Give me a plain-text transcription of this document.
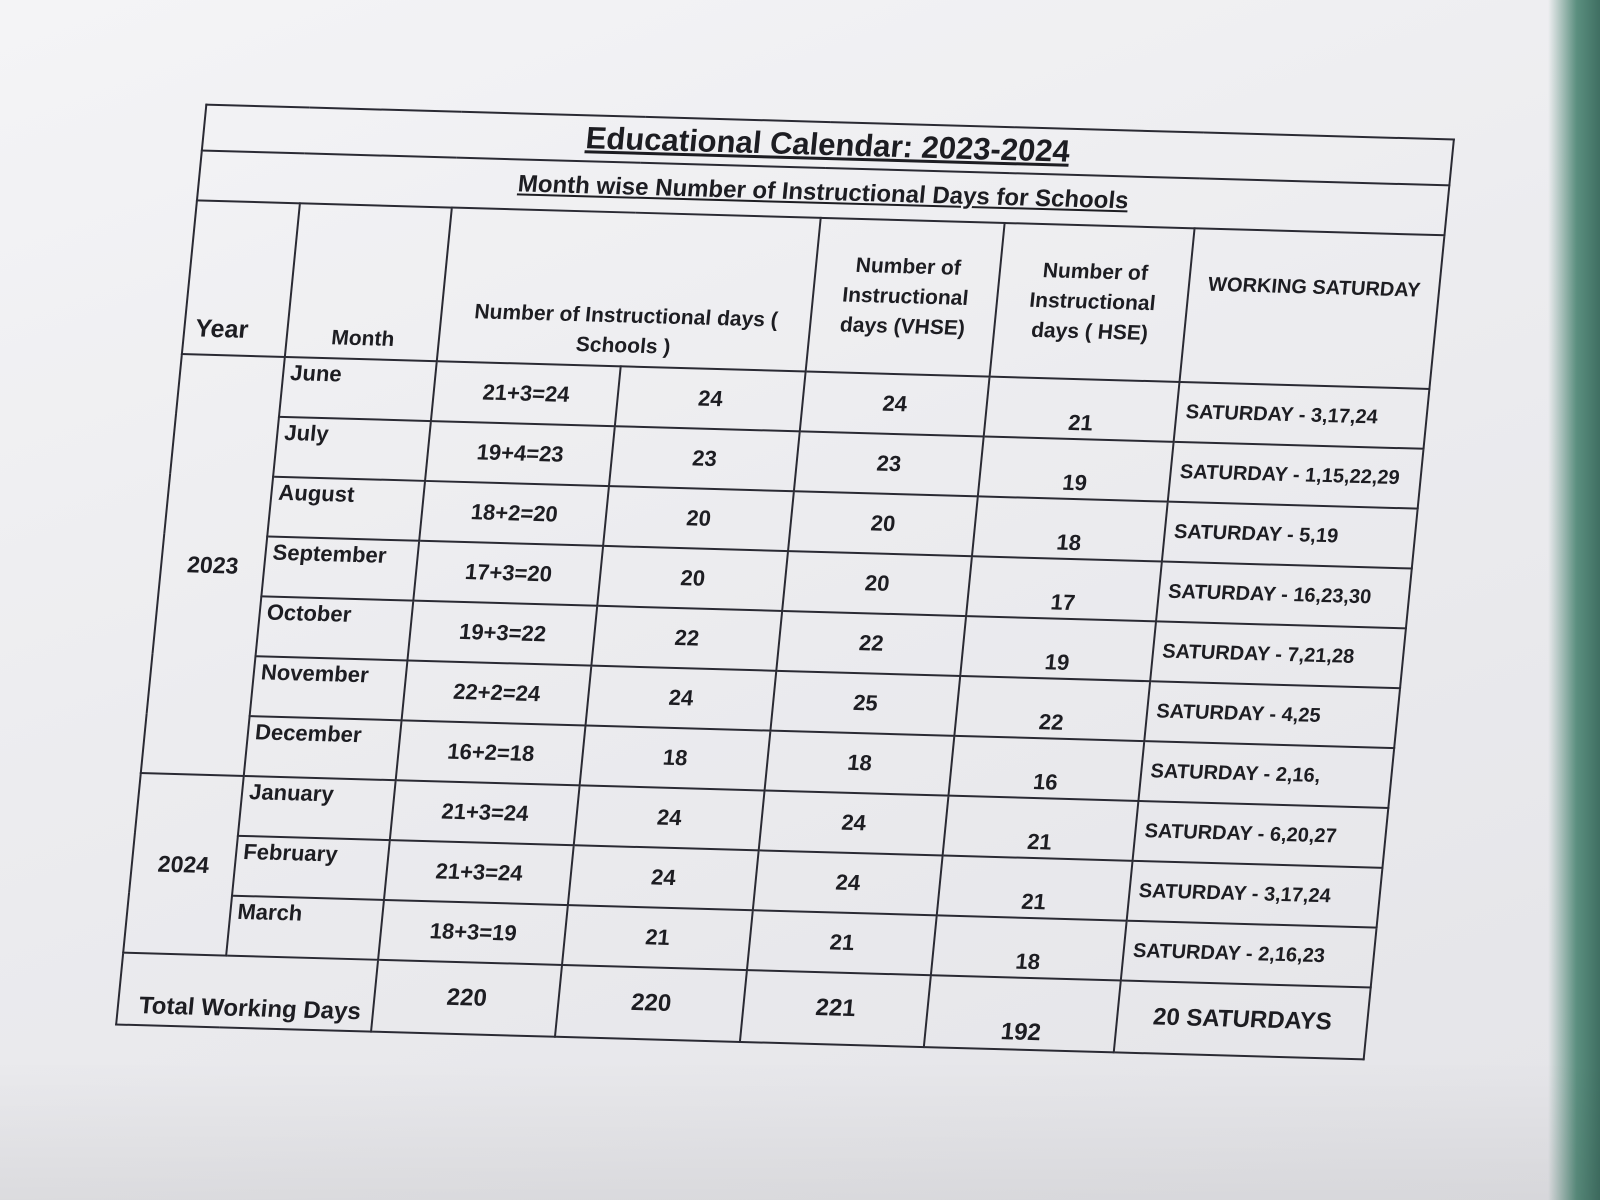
Educational Calendar: 2023-2024						
Month wise Number of Instructional Days for Schools						
Year	Month	Number of Instructional days ( Schools )		Number of Instructional days (VHSE)	Number of Instructional days ( HSE)	WORKING SATURDAY
2023	June	21+3=24	24	24	21	SATURDAY - 3,17,24
	July	19+4=23	23	23	19	SATURDAY - 1,15,22,29
	August	18+2=20	20	20	18	SATURDAY - 5,19
	September	17+3=20	20	20	17	SATURDAY - 16,23,30
	October	19+3=22	22	22	19	SATURDAY - 7,21,28
	November	22+2=24	24	25	22	SATURDAY - 4,25
	December	16+2=18	18	18	16	SATURDAY - 2,16,
2024	January	21+3=24	24	24	21	SATURDAY - 6,20,27
	February	21+3=24	24	24	21	SATURDAY - 3,17,24
	March	18+3=19	21	21	18	SATURDAY - 2,16,23
Total Working Days		220	220	221	192	20 SATURDAYS
